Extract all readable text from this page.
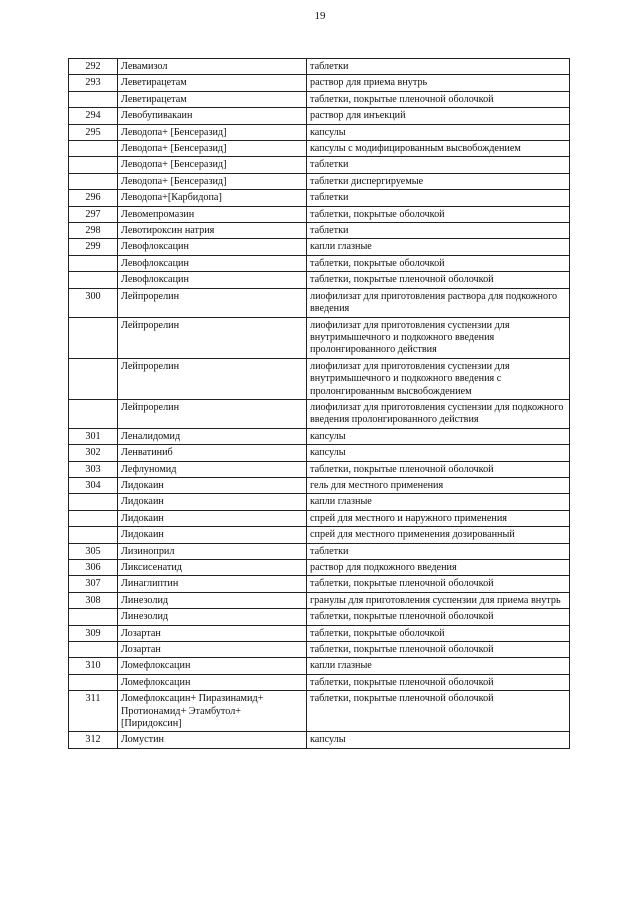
19
292	Левамизол	таблетки
293	Леветирацетам	раствор для приема внутрь
	Леветирацетам	таблетки, покрытые пленочной оболочкой
294	Левобупивакаин	раствор для инъекций
295	Леводопа+ [Бенсеразид]	капсулы
	Леводопа+ [Бенсеразид]	капсулы с модифицированным высвобождением
	Леводопа+ [Бенсеразид]	таблетки
	Леводопа+ [Бенсеразид]	таблетки диспергируемые
296	Леводопа+[Карбидопа]	таблетки
297	Левомепромазин	таблетки, покрытые оболочкой
298	Левотироксин натрия	таблетки
299	Левофлоксацин	капли глазные
	Левофлоксацин	таблетки, покрытые оболочкой
	Левофлоксацин	таблетки, покрытые пленочной оболочкой
300	Лейпрорелин	лиофилизат для приготовления раствора для подкожного введения
	Лейпрорелин	лиофилизат для приготовления суспензии для внутримышечного и подкожного введения пролонгированного действия
	Лейпрорелин	лиофилизат для приготовления суспензии для внутримышечного и подкожного введения с пролонгированным высвобождением
	Лейпрорелин	лиофилизат для приготовления суспензии для подкожного введения пролонгированного действия
301	Леналидомид	капсулы
302	Ленватиниб	капсулы
303	Лефлуномид	таблетки, покрытые пленочной оболочкой
304	Лидокаин	гель для местного применения
	Лидокаин	капли глазные
	Лидокаин	спрей для местного и наружного применения
	Лидокаин	спрей для местного применения дозированный
305	Лизиноприл	таблетки
306	Ликсисенатид	раствор для подкожного введения
307	Линаглиптин	таблетки, покрытые пленочной оболочкой
308	Линезолид	гранулы для приготовления суспензии для приема внутрь
	Линезолид	таблетки, покрытые пленочной оболочкой
309	Лозартан	таблетки, покрытые оболочкой
	Лозартан	таблетки, покрытые пленочной оболочкой
310	Ломефлоксацин	капли глазные
	Ломефлоксацин	таблетки, покрытые пленочной оболочкой
311	Ломефлоксацин+ Пиразинамид+ Протионамид+ Этамбутол+ [Пиридоксин]	таблетки, покрытые пленочной оболочкой
312	Ломустин	капсулы
